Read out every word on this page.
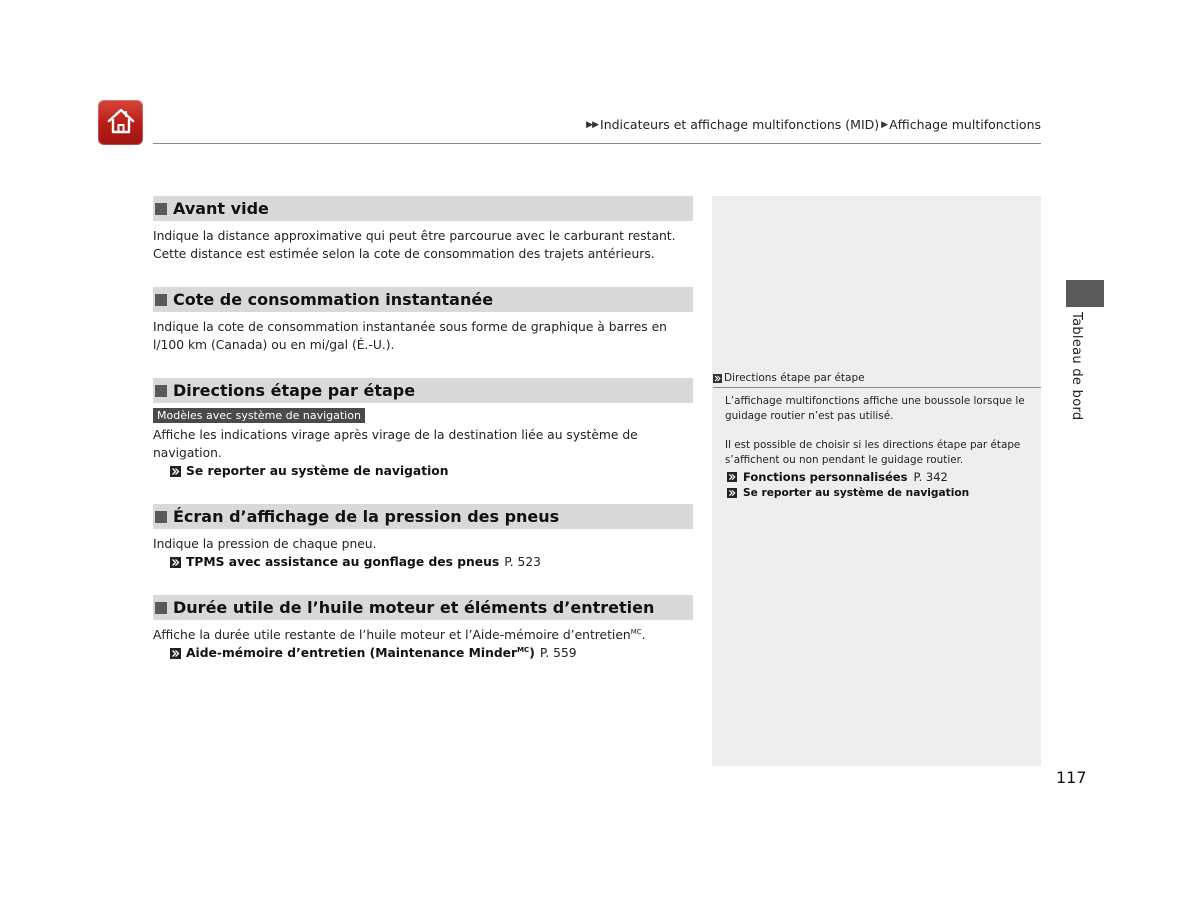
▶▶ Indicateurs et affichage multifonctions (MID) ▶ Affichage multifonctions
Avant vide
Indique la distance approximative qui peut être parcourue avec le carburant restant. Cette distance est estimée selon la cote de consommation des trajets antérieurs.
Cote de consommation instantanée
Indique la cote de consommation instantanée sous forme de graphique à barres en l/100 km (Canada) ou en mi/gal (É.-U.).
Directions étape par étape
Modèles avec système de navigation
Affiche les indications virage après virage de la destination liée au système de navigation.
Se reporter au système de navigation
Écran d’affichage de la pression des pneus
Indique la pression de chaque pneu.
TPMS avec assistance au gonflage des pneus P. 523
Durée utile de l’huile moteur et éléments d’entretien
Affiche la durée utile restante de l’huile moteur et l’Aide-mémoire d’entretien$^{MC}$.
Aide-mémoire d’entretien (Maintenance Minder$^{MC}$) P. 559
Directions étape par étape

L’affichage multifonctions affiche une boussole lorsque le guidage routier n’est pas utilisé.

Il est possible de choisir si les directions étape par étape s’affichent ou non pendant le guidage routier.

Fonctions personnalisées P. 342
Se reporter au système de navigation
Tableau de bord
117
